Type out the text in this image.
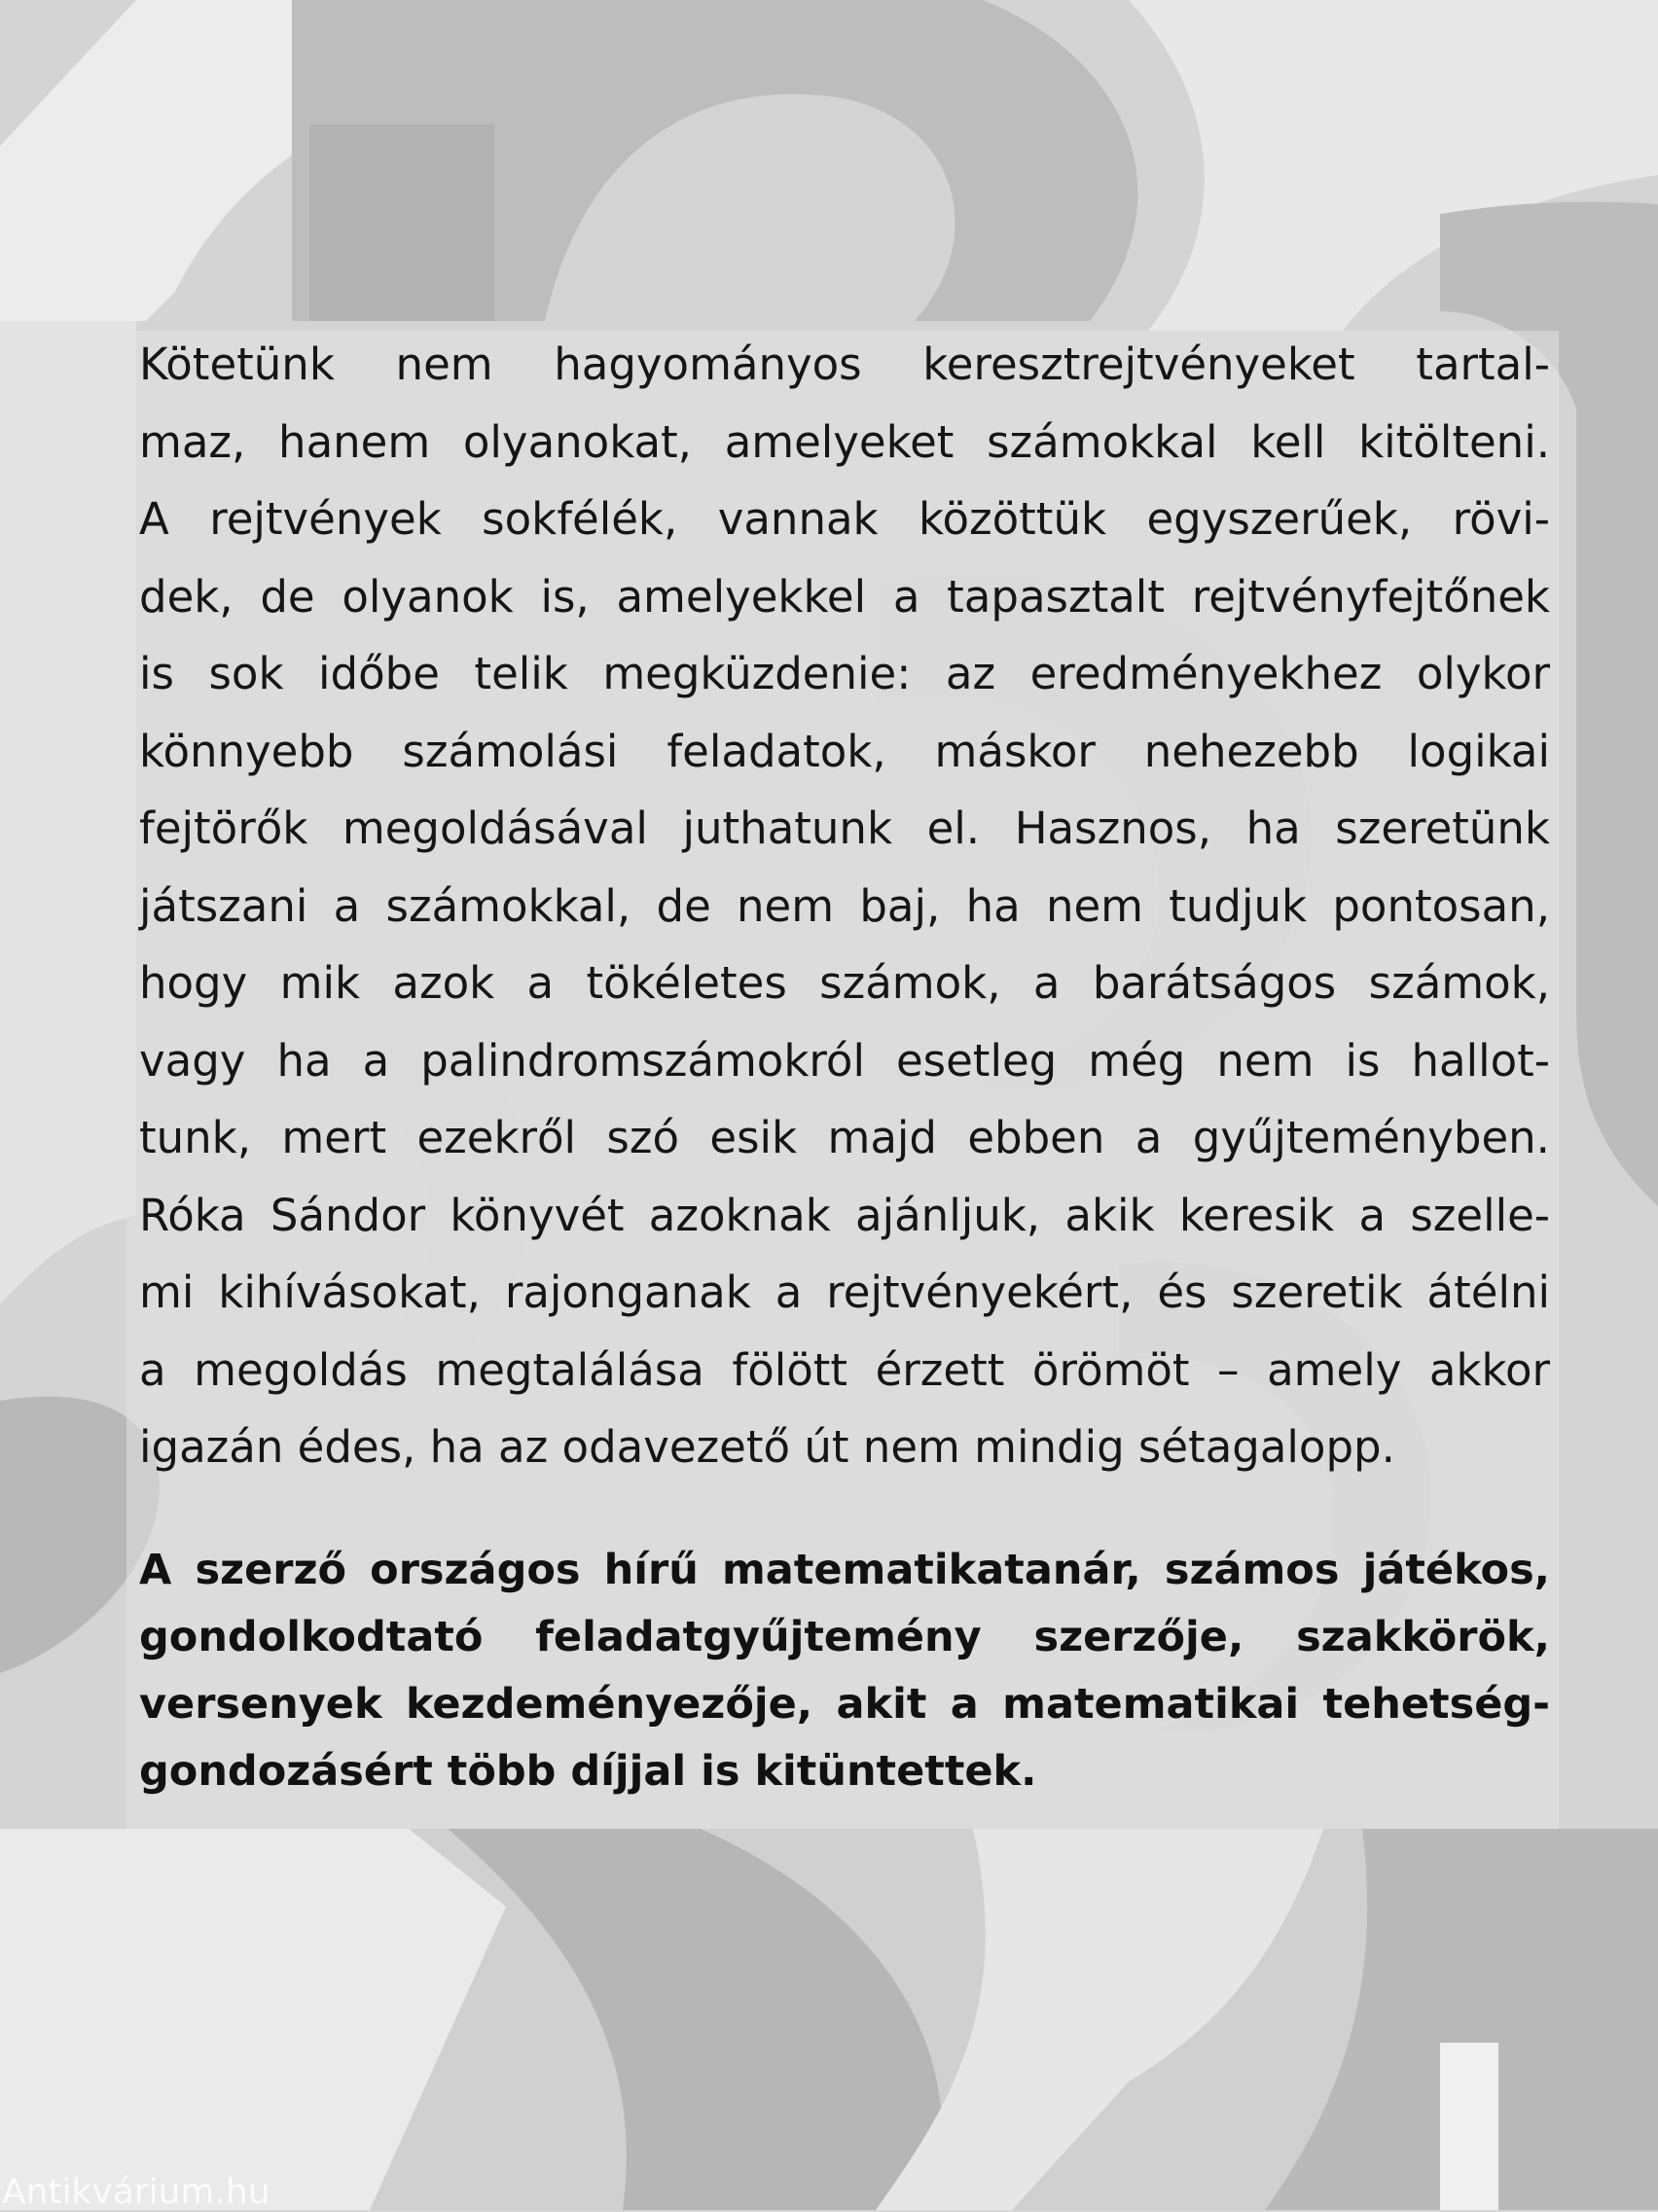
Kötetünk nem hagyományos keresztrejtvényeket tartal-
maz, hanem olyanokat, amelyeket számokkal kell kitölteni.
A rejtvények sokfélék, vannak közöttük egyszerűek, rövi-
dek, de olyanok is, amelyekkel a tapasztalt rejtvényfejtőnek
is sok időbe telik megküzdenie: az eredményekhez olykor
könnyebb számolási feladatok, máskor nehezebb logikai
fejtörők megoldásával juthatunk el. Hasznos, ha szeretünk
játszani a számokkal, de nem baj, ha nem tudjuk pontosan,
hogy mik azok a tökéletes számok, a barátságos számok,
vagy ha a palindromszámokról esetleg még nem is hallot-
tunk, mert ezekről szó esik majd ebben a gyűjteményben.
Róka Sándor könyvét azoknak ajánljuk, akik keresik a szelle-
mi kihívásokat, rajonganak a rejtvényekért, és szeretik átélni
a megoldás megtalálása fölött érzett örömöt – amely akkor
igazán édes, ha az odavezető út nem mindig sétagalopp.
A szerző országos hírű matematikatanár, számos játékos,
gondolkodtató feladatgyűjtemény szerzője, szakkörök,
versenyek kezdeményezője, akit a matematikai tehetség-
gondozásért több díjjal is kitüntettek.
Antikvárium.hu
